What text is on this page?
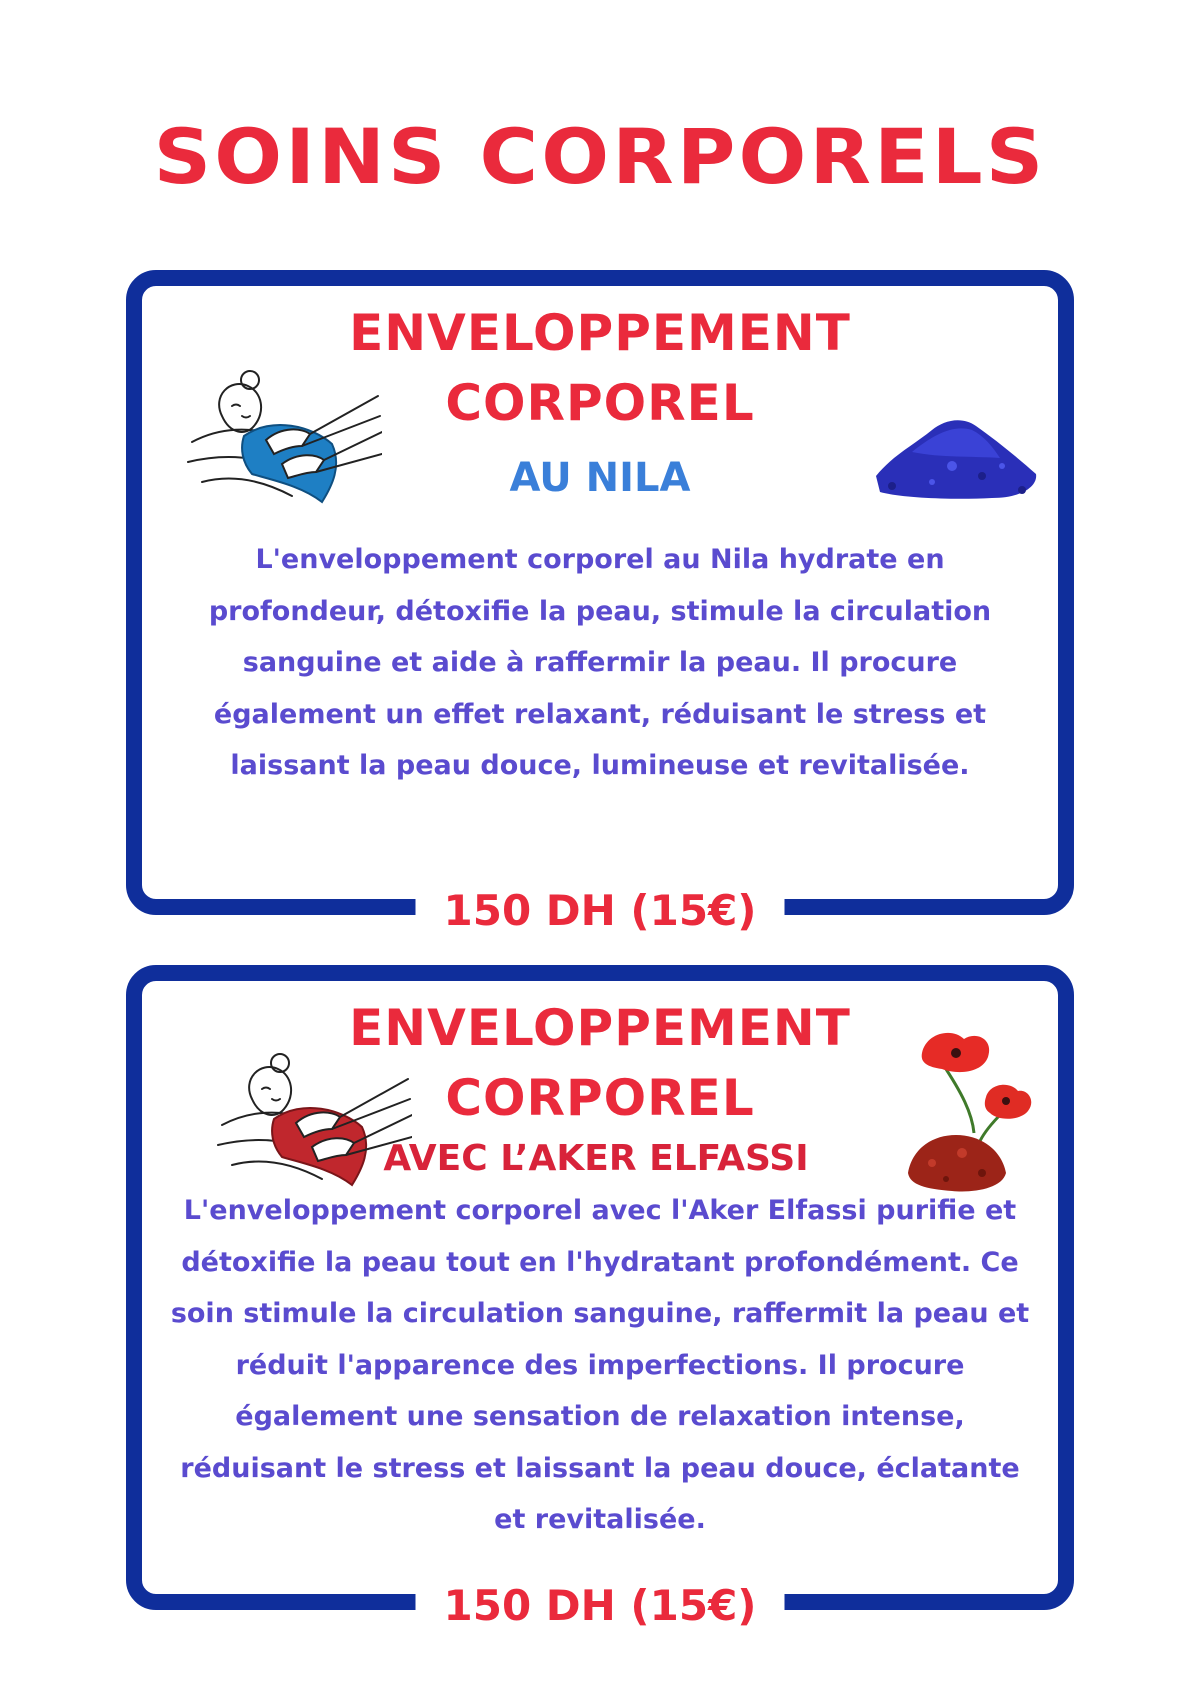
SOINS CORPORELS
ENVELOPPEMENT
CORPOREL
AU NILA

L'enveloppement corporel au Nila hydrate en profondeur, détoxifie la peau, stimule la circulation sanguine et aide à raffermir la peau. Il procure également un effet relaxant, réduisant le stress et laissant la peau douce, lumineuse et revitalisée.

150 DH (15€)
ENVELOPPEMENT
CORPOREL
AVEC L’AKER ELFASSI

L'enveloppement corporel avec l'Aker Elfassi purifie et détoxifie la peau tout en l'hydratant profondément. Ce soin stimule la circulation sanguine, raffermit la peau et réduit l'apparence des imperfections. Il procure également une sensation de relaxation intense, réduisant le stress et laissant la peau douce, éclatante et revitalisée.

150 DH (15€)
